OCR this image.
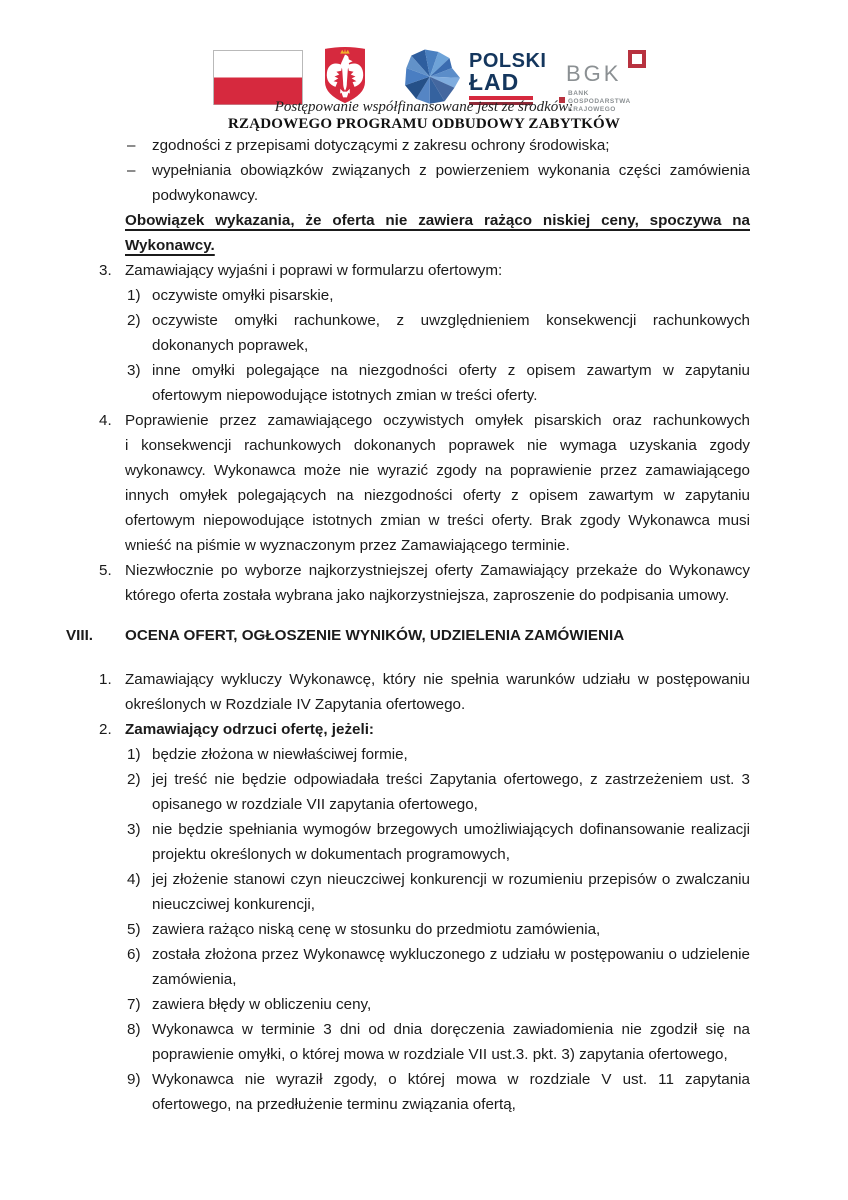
POLSKI
ŁAD	BGK
BANK GOSPODARSTWA
KRAJOWEGO
Postępowanie współfinansowane jest ze środków:
RZĄDOWEGO PROGRAMU ODBUDOWY ZABYTKÓW
–	zgodności z przepisami dotyczącymi z zakresu ochrony środowiska;
–	wypełniania obowiązków związanych z powierzeniem wykonania części zamówienia podwykonawcy.
Obowiązek wykazania, że oferta nie zawiera rażąco niskiej ceny, spoczywa na Wykonawcy.
3. Zamawiający wyjaśni i poprawi w formularzu ofertowym:
1) oczywiste omyłki pisarskie,
2) oczywiste omyłki rachunkowe, z uwzględnieniem konsekwencji rachunkowych dokonanych poprawek,
3) inne omyłki polegające na niezgodności oferty z opisem zawartym w zapytaniu ofertowym niepowodujące istotnych zmian w treści oferty.
4. Poprawienie przez zamawiającego oczywistych omyłek pisarskich oraz rachunkowych i konsekwencji rachunkowych dokonanych poprawek nie wymaga uzyskania zgody wykonawcy. Wykonawca może nie wyrazić zgody na poprawienie przez zamawiającego innych omyłek polegających na niezgodności oferty z opisem zawartym w zapytaniu ofertowym niepowodujące istotnych zmian w treści oferty. Brak zgody Wykonawca musi wnieść na piśmie w wyznaczonym przez Zamawiającego terminie.
5. Niezwłocznie po wyborze najkorzystniejszej oferty Zamawiający przekaże do Wykonawcy którego oferta została wybrana jako najkorzystniejsza, zaproszenie do podpisania umowy.
VIII.	OCENA OFERT, OGŁOSZENIE WYNIKÓW, UDZIELENIA ZAMÓWIENIA
1. Zamawiający wykluczy Wykonawcę, który nie spełnia warunków udziału w postępowaniu określonych w Rozdziale IV Zapytania ofertowego.
2. Zamawiający odrzuci ofertę, jeżeli:
1) będzie złożona w niewłaściwej formie,
2) jej treść nie będzie odpowiadała treści Zapytania ofertowego, z zastrzeżeniem ust. 3 opisanego w rozdziale VII zapytania ofertowego,
3) nie będzie spełniania wymogów brzegowych umożliwiających dofinansowanie realizacji projektu określonych w dokumentach programowych,
4) jej złożenie stanowi czyn nieuczciwej konkurencji w rozumieniu przepisów o zwalczaniu nieuczciwej konkurencji,
5) zawiera rażąco niską cenę w stosunku do przedmiotu zamówienia,
6) została złożona przez Wykonawcę wykluczonego z udziału w postępowaniu o udzielenie zamówienia,
7) zawiera błędy w obliczeniu ceny,
8) Wykonawca w terminie 3 dni od dnia doręczenia zawiadomienia nie zgodził się na poprawienie omyłki, o której mowa w rozdziale VII ust.3. pkt. 3) zapytania ofertowego,
9) Wykonawca nie wyraził zgody, o której mowa w rozdziale V ust. 11 zapytania ofertowego, na przedłużenie terminu związania ofertą,
